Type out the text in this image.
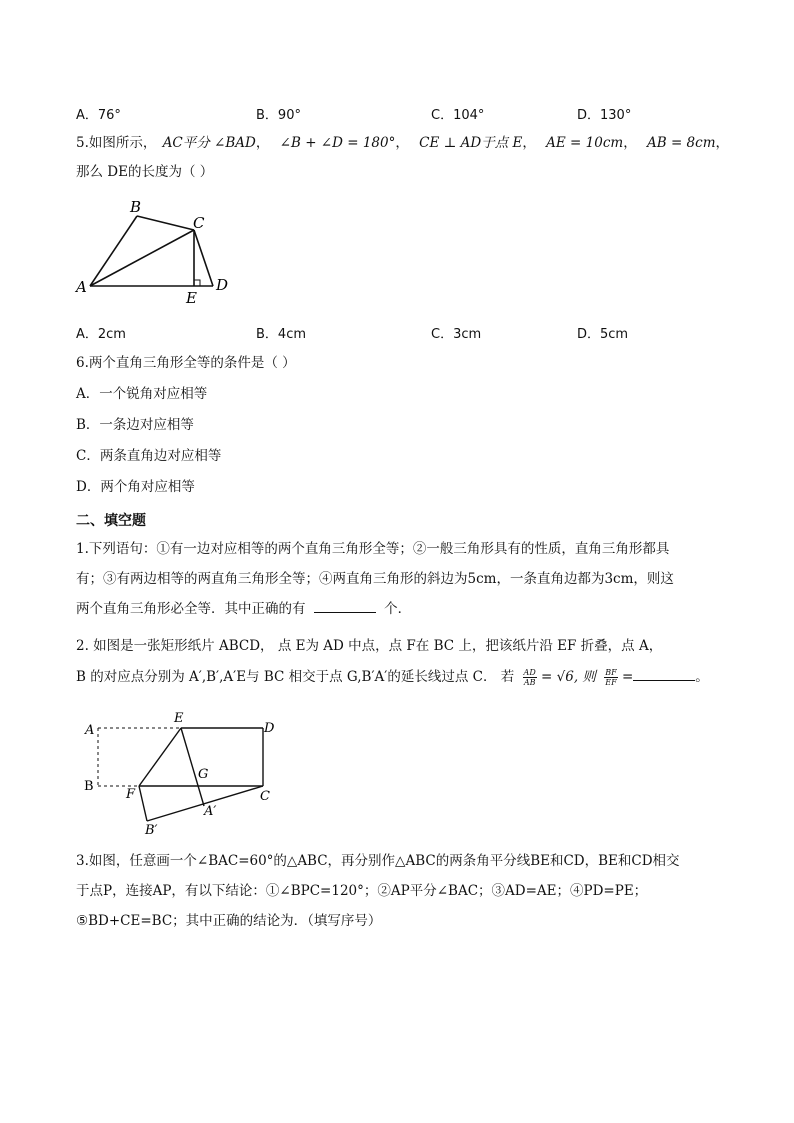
A．76°	B．90°	C．104°	D．130°
5.如图所示， AC平分 ∠BAD， ∠B + ∠D = 180°， CE ⊥ AD于点 E， AE = 10cm， AB = 8cm，
那么 DE的长度为（ ）
A
B
C
D
E
A．2cm	B．4cm	C．3cm	D．5cm
6.两个直角三角形全等的条件是（ ）
A．一个锐角对应相等
B．一条边对应相等
C．两条直角边对应相等
D．两个角对应相等
二、填空题
1.下列语句：①有一边对应相等的两个直角三角形全等；②一般三角形具有的性质，直角三角形都具
有；③有两边相等的两直角三角形全等；④两直角三角形的斜边为5cm，一条直角边都为3cm，则这
两个直角三角形必全等．其中正确的有	个．
2. 如图是一张矩形纸片 ABCD， 点 E为 AD 中点，点 F在 BC 上，把该纸片沿 EF 折叠，点 A，
B 的对应点分别为 A′,B′,A′E与 BC 相交于点 G,B′A′的延长线过点 C． 若 $\frac{AD}{AB} = √6$, 则 $\frac{BF}{EF}$ =	。
A
B
E
D
G
F	C
A′
B′
3.如图，任意画一个∠BAC=60°的△ABC，再分别作△ABC的两条角平分线BE和CD，BE和CD相交
于点P，连接AP，有以下结论：①∠BPC=120°；②AP平分∠BAC；③AD=AE；④PD=PE；
⑤BD+CE=BC；其中正确的结论为．（填写序号）
